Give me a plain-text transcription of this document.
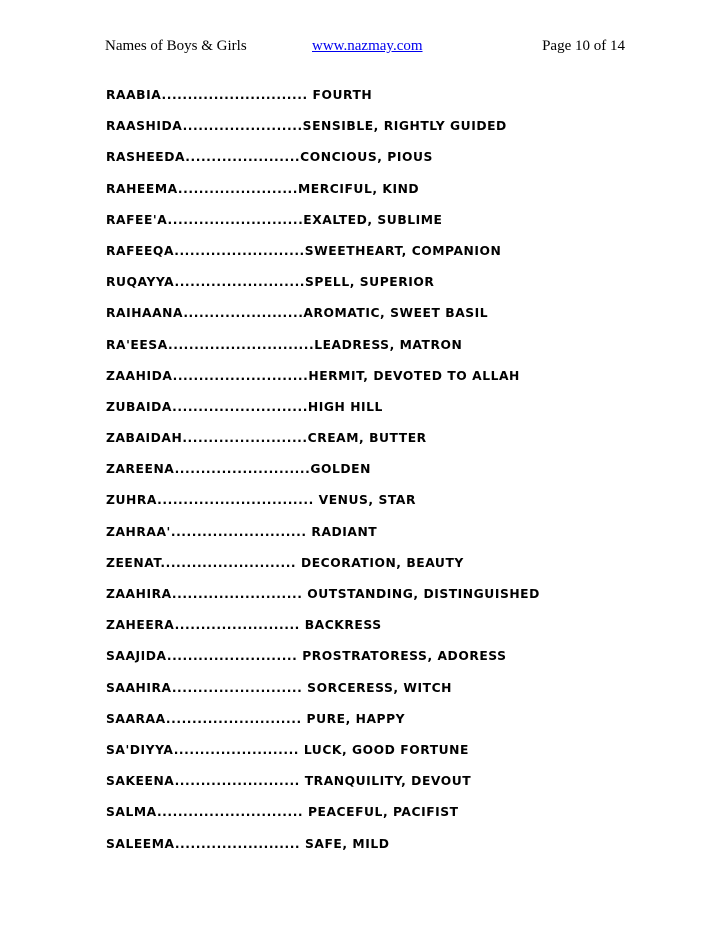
Names of Boys & Girls	www.nazmay.com	Page 10 of 14
RAABIA............................ FOURTH
RAASHIDA.......................SENSIBLE, RIGHTLY GUIDED
RASHEEDA......................CONCIOUS, PIOUS
RAHEEMA.......................MERCIFUL, KIND
RAFEE'A..........................EXALTED, SUBLIME
RAFEEQA.........................SWEETHEART, COMPANION
RUQAYYA.........................SPELL, SUPERIOR
RAIHAANA.......................AROMATIC, SWEET BASIL
RA'EESA............................LEADRESS, MATRON
ZAAHIDA..........................HERMIT, DEVOTED TO ALLAH
ZUBAIDA..........................HIGH HILL
ZABAIDAH........................CREAM, BUTTER
ZAREENA..........................GOLDEN
ZUHRA.............................. VENUS, STAR
ZAHRAA'.......................... RADIANT
ZEENAT.......................... DECORATION, BEAUTY
ZAAHIRA......................... OUTSTANDING, DISTINGUISHED
ZAHEERA........................ BACKRESS
SAAJIDA......................... PROSTRATORESS, ADORESS
SAAHIRA......................... SORCERESS, WITCH
SAARAA.......................... PURE, HAPPY
SA'DIYYA........................ LUCK, GOOD FORTUNE
SAKEENA........................ TRANQUILITY, DEVOUT
SALMA............................ PEACEFUL, PACIFIST
SALEEMA........................ SAFE, MILD
